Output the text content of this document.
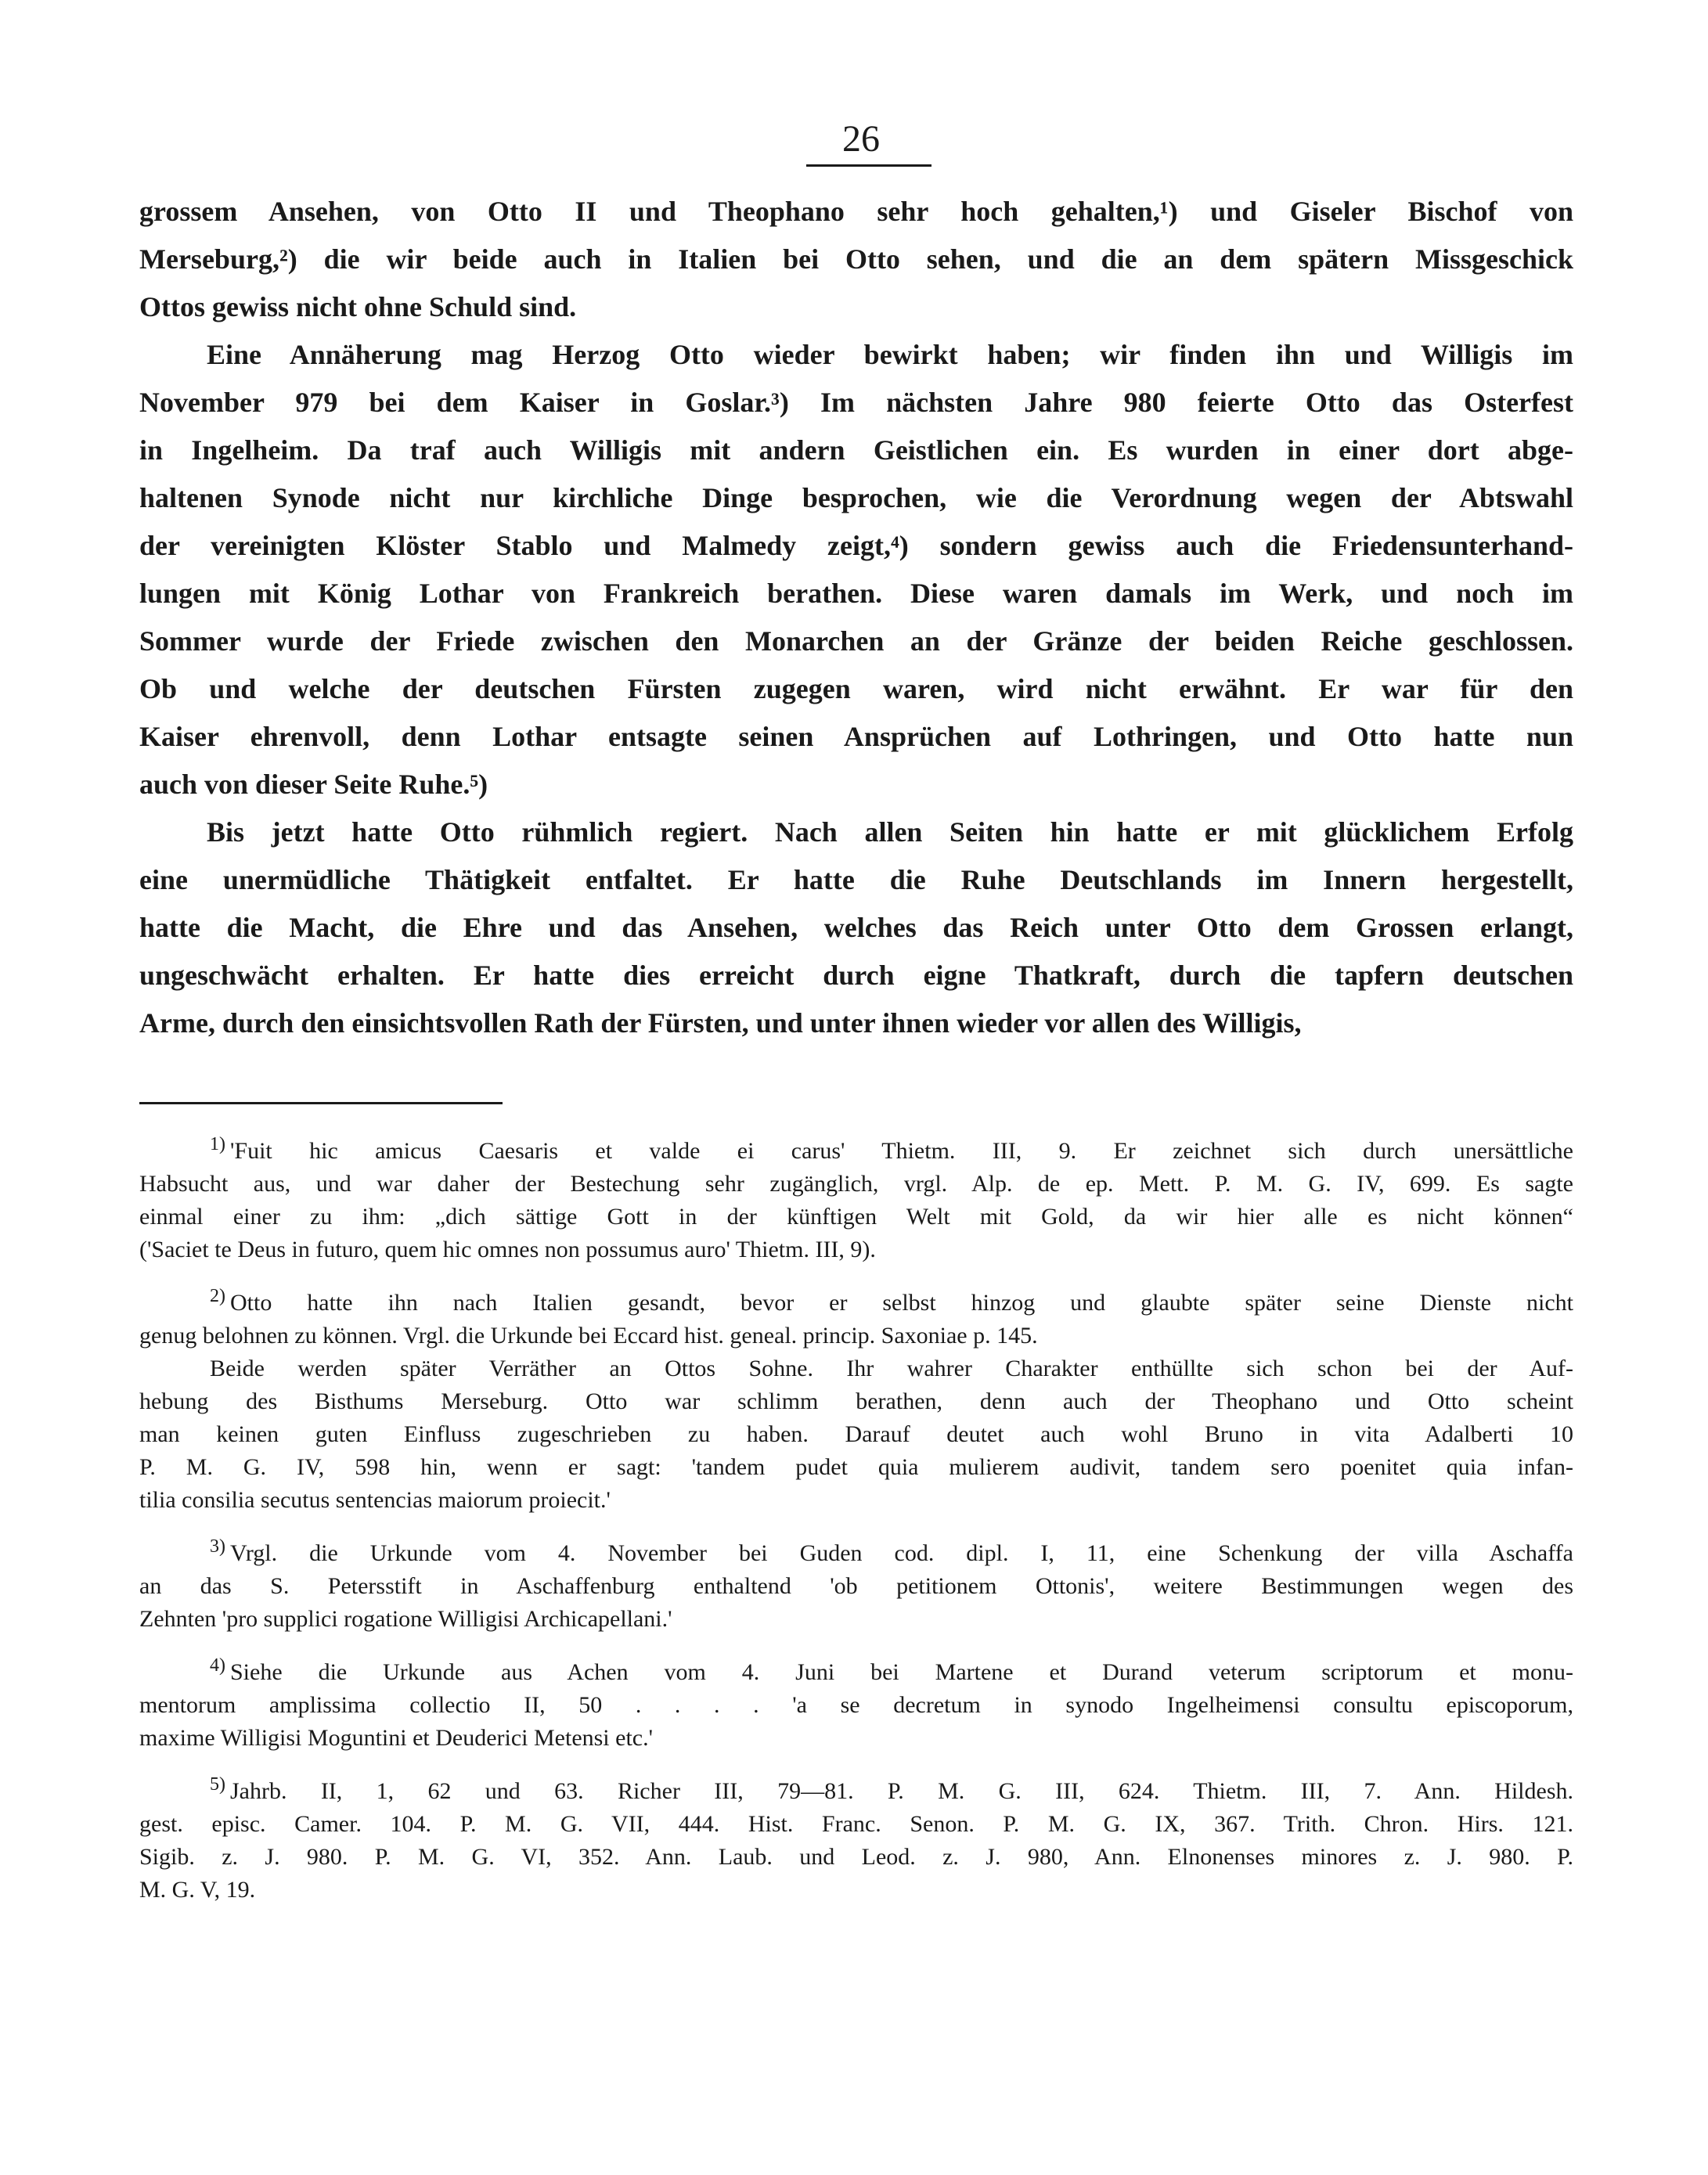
26

grossem Ansehen, von Otto II und Theophano sehr hoch gehalten,¹) und Giseler Bischof von
Merseburg,²) die wir beide auch in Italien bei Otto sehen, und die an dem spätern Missgeschick
Ottos gewiss nicht ohne Schuld sind.

Eine Annäherung mag Herzog Otto wieder bewirkt haben; wir finden ihn und Willigis im
November 979 bei dem Kaiser in Goslar.³) Im nächsten Jahre 980 feierte Otto das Osterfest
in Ingelheim. Da traf auch Willigis mit andern Geistlichen ein. Es wurden in einer dort abge-
haltenen Synode nicht nur kirchliche Dinge besprochen, wie die Verordnung wegen der Abtswahl
der vereinigten Klöster Stablo und Malmedy zeigt,⁴) sondern gewiss auch die Friedensunterhand-
lungen mit König Lothar von Frankreich berathen. Diese waren damals im Werk, und noch im
Sommer wurde der Friede zwischen den Monarchen an der Gränze der beiden Reiche geschlossen.
Ob und welche der deutschen Fürsten zugegen waren, wird nicht erwähnt. Er war für den
Kaiser ehrenvoll, denn Lothar entsagte seinen Ansprüchen auf Lothringen, und Otto hatte nun
auch von dieser Seite Ruhe.⁵)

Bis jetzt hatte Otto rühmlich regiert. Nach allen Seiten hin hatte er mit glücklichem Erfolg
eine unermüdliche Thätigkeit entfaltet. Er hatte die Ruhe Deutschlands im Innern hergestellt,
hatte die Macht, die Ehre und das Ansehen, welches das Reich unter Otto dem Grossen erlangt,
ungeschwächt erhalten. Er hatte dies erreicht durch eigne Thatkraft, durch die tapfern deutschen
Arme, durch den einsichtsvollen Rath der Fürsten, und unter ihnen wieder vor allen des Willigis,

$^{1)}$ 'Fuit hic amicus Caesaris et valde ei carus' Thietm. III, 9. Er zeichnet sich durch unersättliche
Habsucht aus, und war daher der Bestechung sehr zugänglich, vrgl. Alp. de ep. Mett. P. M. G. IV, 699. Es sagte
einmal einer zu ihm: „dich sättige Gott in der künftigen Welt mit Gold, da wir hier alle es nicht können“
('Saciet te Deus in futuro, quem hic omnes non possumus auro' Thietm. III, 9).
$^{2)}$ Otto hatte ihn nach Italien gesandt, bevor er selbst hinzog und glaubte später seine Dienste nicht
genug belohnen zu können. Vrgl. die Urkunde bei Eccard hist. geneal. princip. Saxoniae p. 145.
Beide werden später Verräther an Ottos Sohne. Ihr wahrer Charakter enthüllte sich schon bei der Auf-
hebung des Bisthums Merseburg. Otto war schlimm berathen, denn auch der Theophano und Otto scheint
man keinen guten Einfluss zugeschrieben zu haben. Darauf deutet auch wohl Bruno in vita Adalberti 10
P. M. G. IV, 598 hin, wenn er sagt: 'tandem pudet quia mulierem audivit, tandem sero poenitet quia infan-
tilia consilia secutus sentencias maiorum proiecit.'
$^{3)}$ Vrgl. die Urkunde vom 4. November bei Guden cod. dipl. I, 11, eine Schenkung der villa Aschaffa
an das S. Petersstift in Aschaffenburg enthaltend 'ob petitionem Ottonis', weitere Bestimmungen wegen des
Zehnten 'pro supplici rogatione Willigisi Archicapellani.'
$^{4)}$ Siehe die Urkunde aus Achen vom 4. Juni bei Martene et Durand veterum scriptorum et monu-
mentorum amplissima collectio II, 50 . . . . 'a se decretum in synodo Ingelheimensi consultu episcoporum,
maxime Willigisi Moguntini et Deuderici Metensi etc.'
$^{5)}$ Jahrb. II, 1, 62 und 63. Richer III, 79—81. P. M. G. III, 624. Thietm. III, 7. Ann. Hildesh.
gest. episc. Camer. 104. P. M. G. VII, 444. Hist. Franc. Senon. P. M. G. IX, 367. Trith. Chron. Hirs. 121.
Sigib. z. J. 980. P. M. G. VI, 352. Ann. Laub. und Leod. z. J. 980, Ann. Elnonenses minores z. J. 980. P.
M. G. V, 19.
